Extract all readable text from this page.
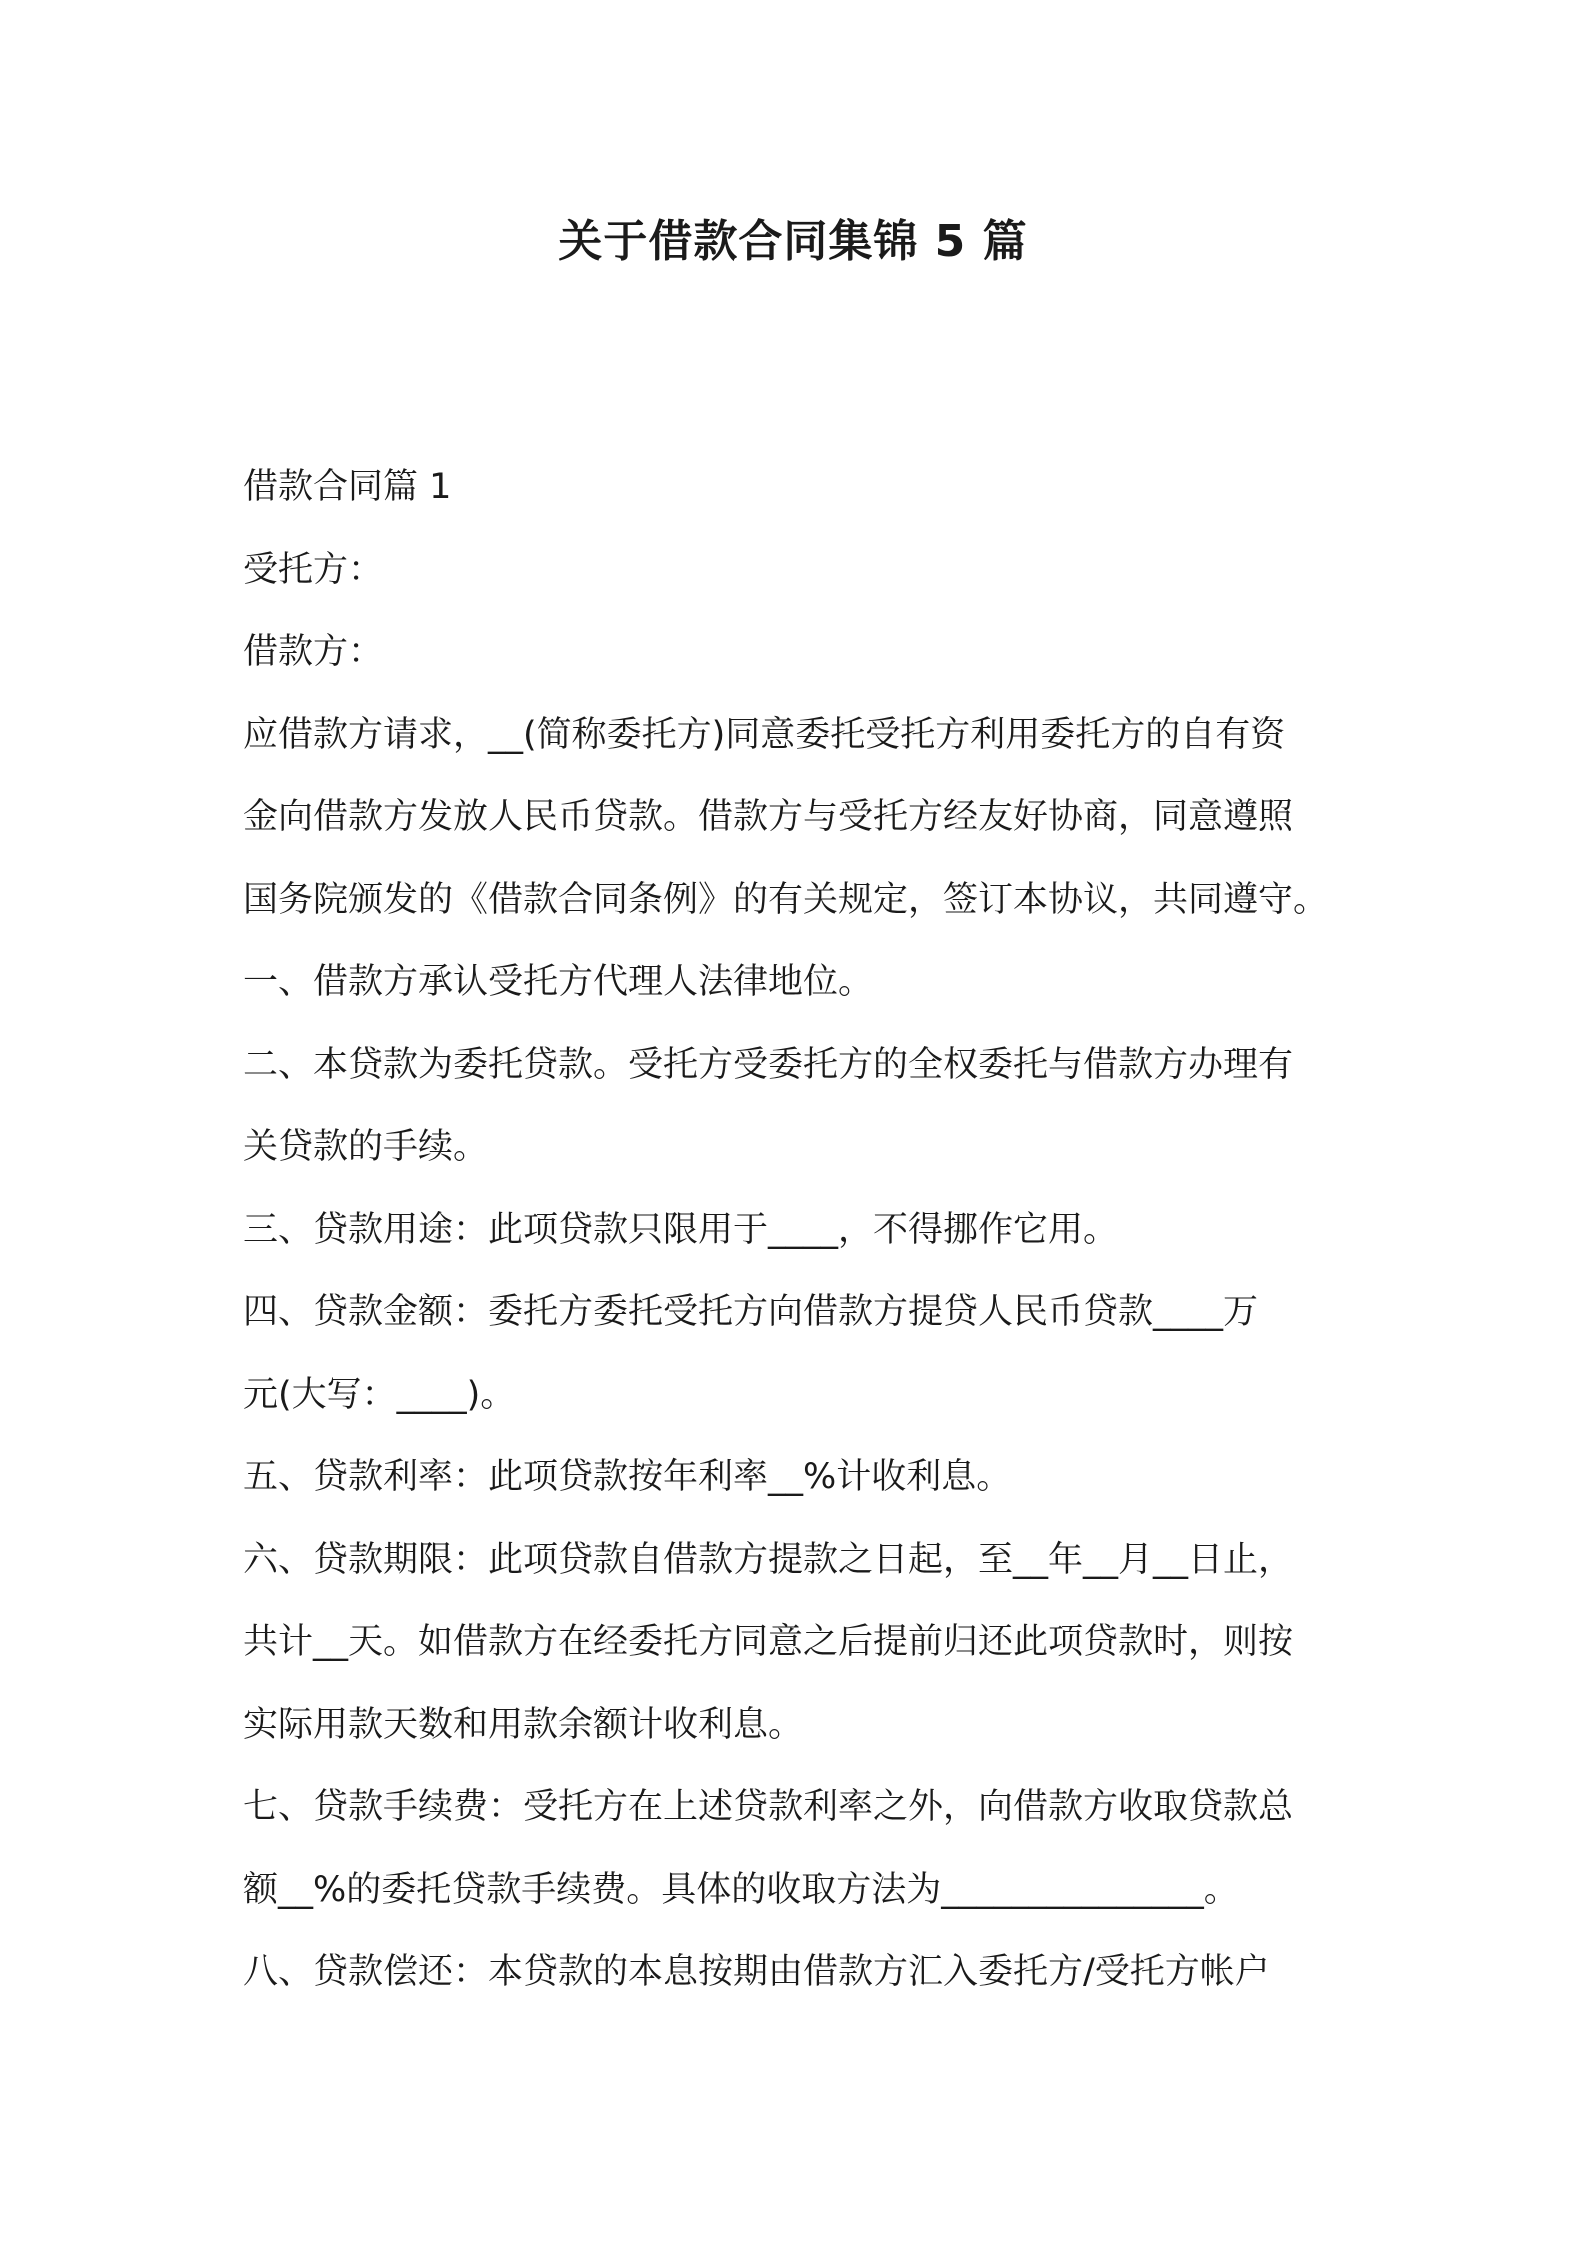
关于借款合同集锦 5 篇

借款合同篇 1

受托方：

借款方：

应借款方请求，__(简称委托方)同意委托受托方利用委托方的自有资

金向借款方发放人民币贷款。借款方与受托方经友好协商，同意遵照

国务院颁发的《借款合同条例》的有关规定，签订本协议，共同遵守。

一、借款方承认受托方代理人法律地位。

二、本贷款为委托贷款。受托方受委托方的全权委托与借款方办理有

关贷款的手续。

三、贷款用途：此项贷款只限用于____，不得挪作它用。

四、贷款金额：委托方委托受托方向借款方提贷人民币贷款____万

元(大写：____)。

五、贷款利率：此项贷款按年利率__%计收利息。

六、贷款期限：此项贷款自借款方提款之日起，至__年__月__日止，

共计__天。如借款方在经委托方同意之后提前归还此项贷款时，则按

实际用款天数和用款余额计收利息。

七、贷款手续费：受托方在上述贷款利率之外，向借款方收取贷款总

额__%的委托贷款手续费。具体的收取方法为_______________。

八、贷款偿还：本贷款的本息按期由借款方汇入委托方/受托方帐户
